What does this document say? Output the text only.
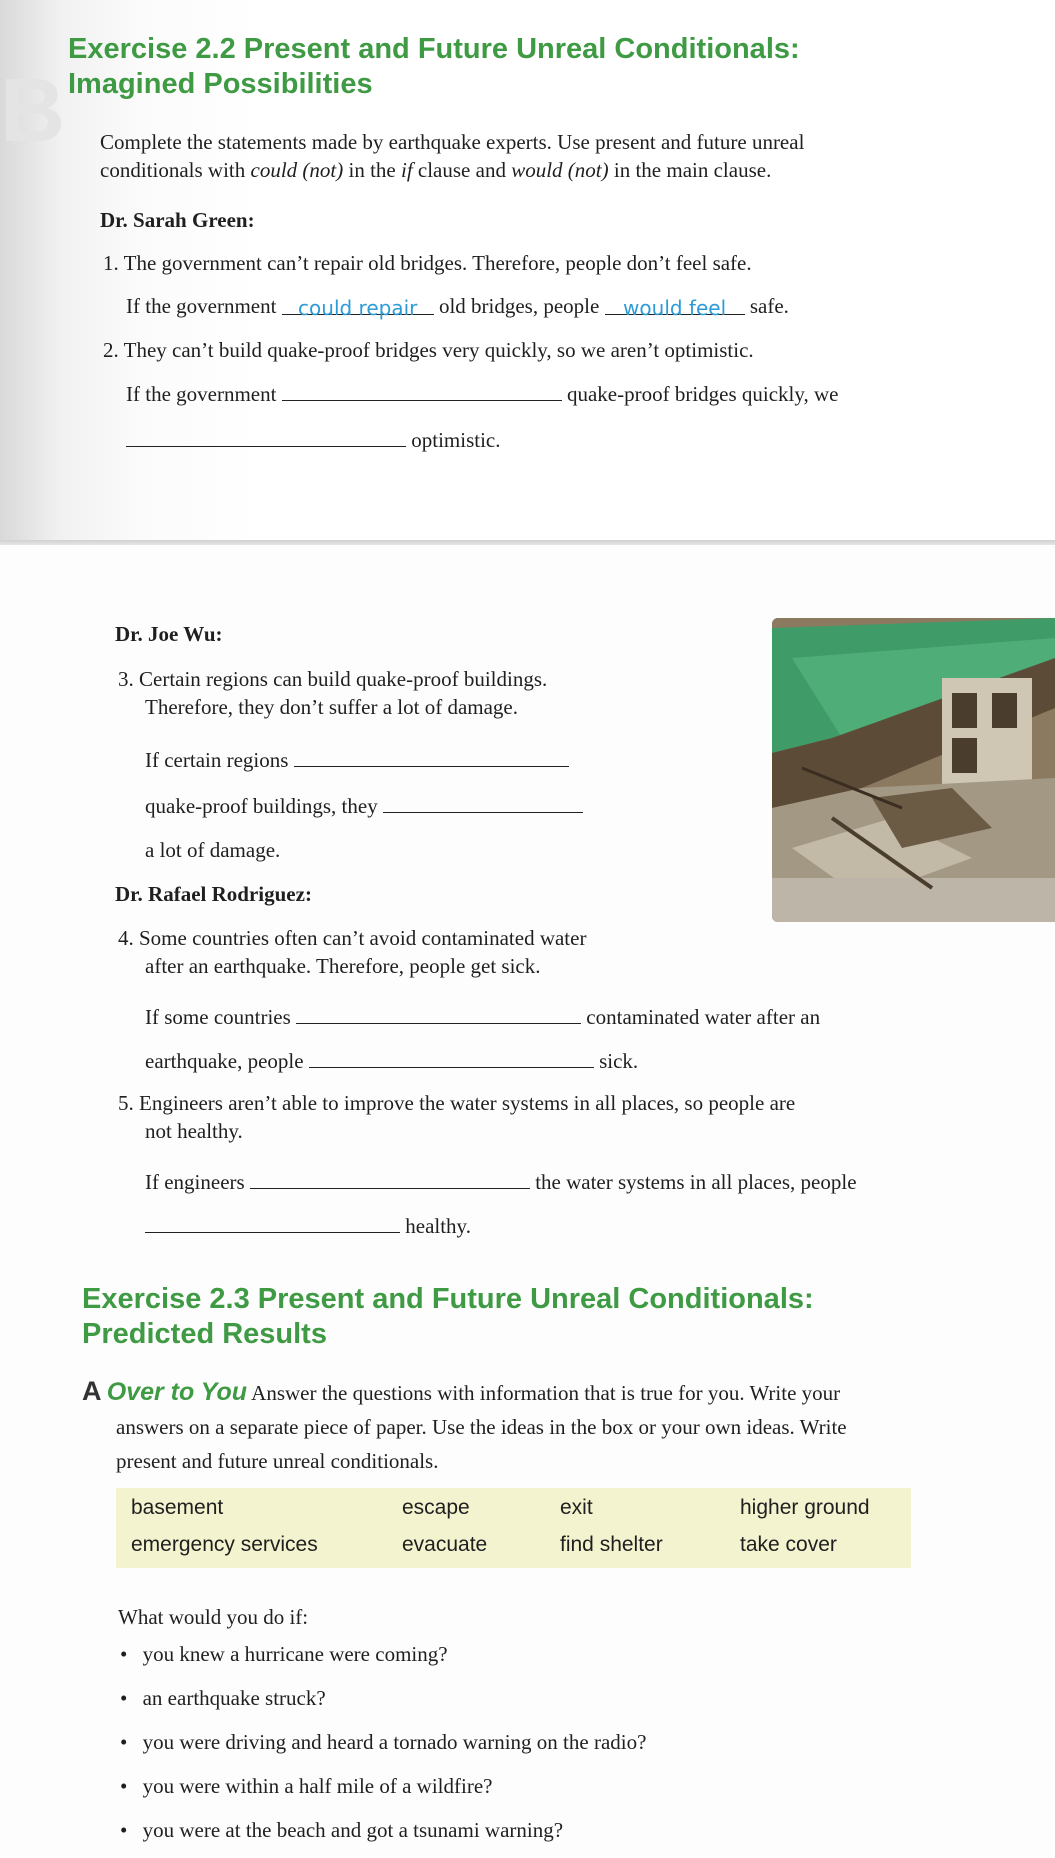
B
Exercise 2.2 Present and Future Unreal Conditionals:
Imagined Possibilities
Complete the statements made by earthquake experts. Use present and future unreal
conditionals with could (not) in the if clause and would (not) in the main clause.
Dr. Sarah Green:
1. The government can’t repair old bridges. Therefore, people don’t feel safe.
If the government could repair old bridges, people would feel safe.
2. They can’t build quake-proof bridges very quickly, so we aren’t optimistic.
If the government	quake-proof bridges quickly, we
optimistic.
Dr. Joe Wu:
3. Certain regions can build quake-proof buildings.
Therefore, they don’t suffer a lot of damage.
If certain regions
quake-proof buildings, they
a lot of damage.
Dr. Rafael Rodriguez:
4. Some countries often can’t avoid contaminated water
after an earthquake. Therefore, people get sick.
If some countries	contaminated water after an
earthquake, people	sick.
5. Engineers aren’t able to improve the water systems in all places, so people are
not healthy.
If engineers	the water systems in all places, people
healthy.
Exercise 2.3 Present and Future Unreal Conditionals:
Predicted Results
A Over to You Answer the questions with information that is true for you. Write your
answers on a separate piece of paper. Use the ideas in the box or your own ideas. Write
present and future unreal conditionals.
basement	escape	exit	higher ground
emergency services	evacuate	find shelter	take cover
What would you do if:
• you knew a hurricane were coming?
• an earthquake struck?
• you were driving and heard a tornado warning on the radio?
• you were within a half mile of a wildfire?
• you were at the beach and got a tsunami warning?
